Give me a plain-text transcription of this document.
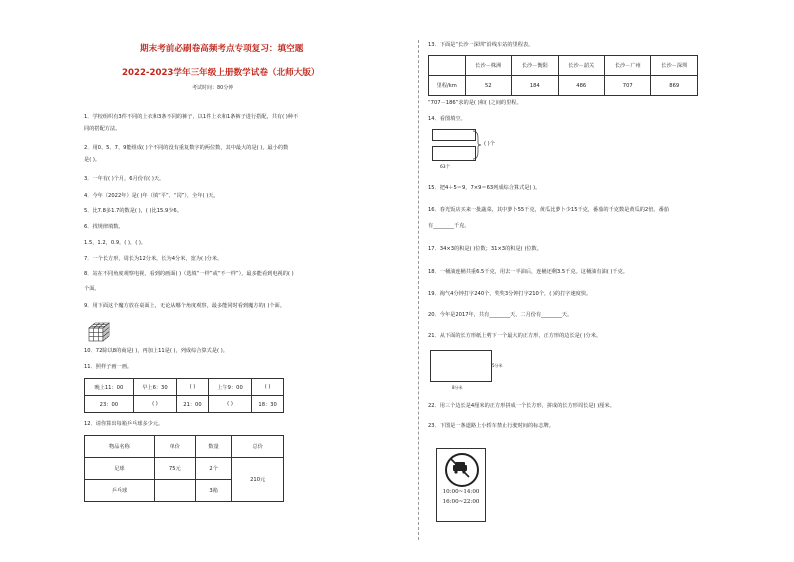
期末考前必刷卷高频考点专项复习：填空题
2022-2023学年三年级上册数学试卷（北师大版）
考试时间：80分钟
1．学校组织有3件不同的上衣和3条不同的裤子，以1件上衣和1条裤子进行搭配，共有( )种不
同的搭配方法。
2．用0、5、7、9能组成( )个不同的没有重复数字的两位数，其中最大的是( )，最小的数
是( )。
3．一年有( )个月，6月份有( )天。
4．今年（2022年）是( )年（填“平”、“闰”），全年( )天。
5．比7.8多1.7的数是( )，( )比15.9少6。
6．找规律填数。
1.5，1.2，0.9，( )，( )。
7．一个长方形，周长为12分米，长为4分米，宽为( )分米。
8．站在不同角度观察电视，看到的画面( )（选填“一样”或“不一样”），最多能看到电视的( )
个面。
9．用下面这个魔方放在桌面上，无论从哪个角度观察，最多能同时看到魔方的( )个面。
10．72除以8的商是( )，再加上11是( )，列成综合算式是( )。
11．照样子画一画。
晚上11：00	早上6：30	( )	上午9：00	( )
23：00	( )	21：00	( )	18：30
12．请你算出每箱乒乓球多少元。
物品名称	单价	数量	总价
足球	75元	2个	210元
乒乓球		3箱	
13．下面是“长沙一深圳”沿线车站的里程表。
	长沙－株洲	长沙－衡阳	长沙－韶关	长沙－广州	长沙－深圳
里程/km	52	184	486	707	869
“707－186”求的是( )和( )之间的里程。
14．看图填空。
( )个
63个
15．把4＋5＝9，7×9＝63列成综合算式是( )。
16．春光饭店买来一批蔬菜，其中萝卜55千克，黄瓜比萝卜少15千克，番茄的千克数是黄瓜的2倍。番茄
有________千克。
17．34×3的积是( )位数；31×3的积是( )位数。
18．一桶油连桶共重6.5千克，用去一半油后，连桶还剩3.5千克。这桶油有油( )千克。
19．淘气4分钟打字240个，奖奖3分钟打字210个，( )的打字速度快。
20．今年是2017年，共有________天，二月份有________天。
21．从下面的长方形纸上剪下一个最大的正方形，正方形的边长是( )分米。
5分米
8分米
22．用三个边长是4厘米的正方形拼成一个长方形，拼成的长方形周长是( )厘米。
23．下图是一条道路上小轿车禁止行驶时间的标志牌。
10:00~14:00
16:00~22:00
